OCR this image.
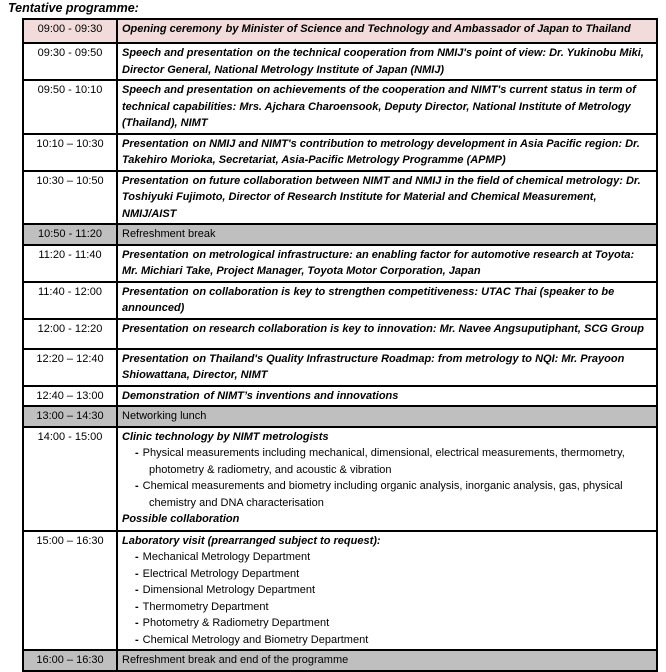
Tentative programme:

09:00 - 09:30	Opening ceremony by Minister of Science and Technology and Ambassador of Japan to Thailand

09:30 - 09:50	Speech and presentation on the technical cooperation from NMIJ's point of view: Dr. Yukinobu Miki, Director General, National Metrology Institute of Japan (NMIJ)

09:50 - 10:10	Speech and presentation on achievements of the cooperation and NIMT's current status in term of technical capabilities: Mrs. Ajchara Charoensook, Deputy Director, National Institute of Metrology (Thailand), NIMT

10:10 – 10:30	Presentation on NMIJ and NIMT's contribution to metrology development in Asia Pacific region: Dr. Takehiro Morioka, Secretariat, Asia-Pacific Metrology Programme (APMP)

10:30 – 10:50	Presentation on future collaboration between NIMT and NMIJ in the field of chemical metrology: Dr. Toshiyuki Fujimoto, Director of Research Institute for Material and Chemical Measurement, NMIJ/AIST

10:50 - 11:20	Refreshment break

11:20 - 11:40	Presentation on metrological infrastructure: an enabling factor for automotive research at Toyota: Mr. Michiari Take, Project Manager, Toyota Motor Corporation, Japan

11:40 - 12:00	Presentation on collaboration is key to strengthen competitiveness: UTAC Thai (speaker to be announced)

12:00 - 12:20	Presentation on research collaboration is key to innovation: Mr. Navee Angsuputiphant, SCG Group

12:20 – 12:40	Presentation on Thailand's Quality Infrastructure Roadmap: from metrology to NQI: Mr. Prayoon Shiowattana, Director, NIMT

12:40 – 13:00	Demonstration of NIMT’s inventions and innovations

13:00 – 14:30	Networking lunch

14:00 - 15:00	Clinic technology by NIMT metrologists
- Physical measurements including mechanical, dimensional, electrical measurements, thermometry, photometry & radiometry, and acoustic & vibration
- Chemical measurements and biometry including organic analysis, inorganic analysis, gas, physical chemistry and DNA characterisation
Possible collaboration

15:00 – 16:30	Laboratory visit (prearranged subject to request):
- Mechanical Metrology Department
- Electrical Metrology Department
- Dimensional Metrology Department
- Thermometry Department
- Photometry & Radiometry Department
- Chemical Metrology and Biometry Department

16:00 – 16:30	Refreshment break and end of the programme
